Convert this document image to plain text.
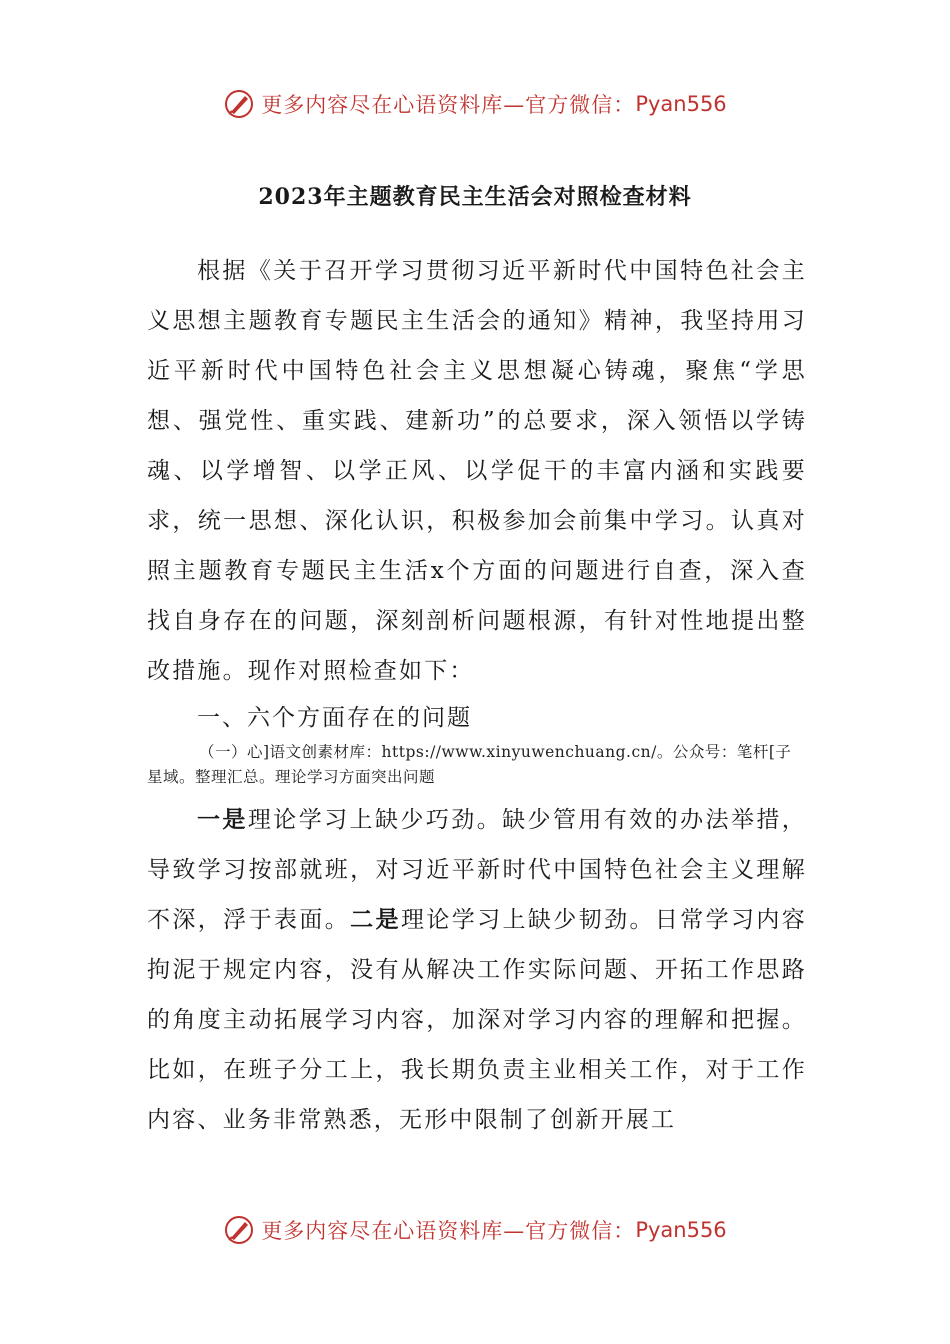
更多内容尽在心语资料库—官方微信： Pyan556
2023年主题教育民主生活会对照检查材料
根据《关于召开学习贯彻习近平新时代中国特色社会主义思想主题教育专题民主生活会的通知》精神，我坚持用习近平新时代中国特色社会主义思想凝心铸魂，聚焦“学思想、强党性、重实践、建新功”的总要求，深入领悟以学铸魂、以学增智、以学正风、以学促干的丰富内涵和实践要求，统一思想、深化认识，积极参加会前集中学习。认真对照主题教育专题民主生活x个方面的问题进行自查，深入查找自身存在的问题，深刻剖析问题根源，有针对性地提出整改措施。现作对照检查如下：
一、六个方面存在的问题
（一）心]语文创素材库：https://www.xinyuwenchuang.cn/。公众号：笔杆[子星域。整理汇总。理论学习方面突出问题
一是理论学习上缺少巧劲。缺少管用有效的办法举措，导致学习按部就班，对习近平新时代中国特色社会主义理解不深，浮于表面。二是理论学习上缺少韧劲。日常学习内容拘泥于规定内容，没有从解决工作实际问题、开拓工作思路的角度主动拓展学习内容，加深对学习内容的理解和把握。比如，在班子分工上，我长期负责主业相关工作，对于工作内容、业务非常熟悉，无形中限制了创新开展工
更多内容尽在心语资料库—官方微信： Pyan556
